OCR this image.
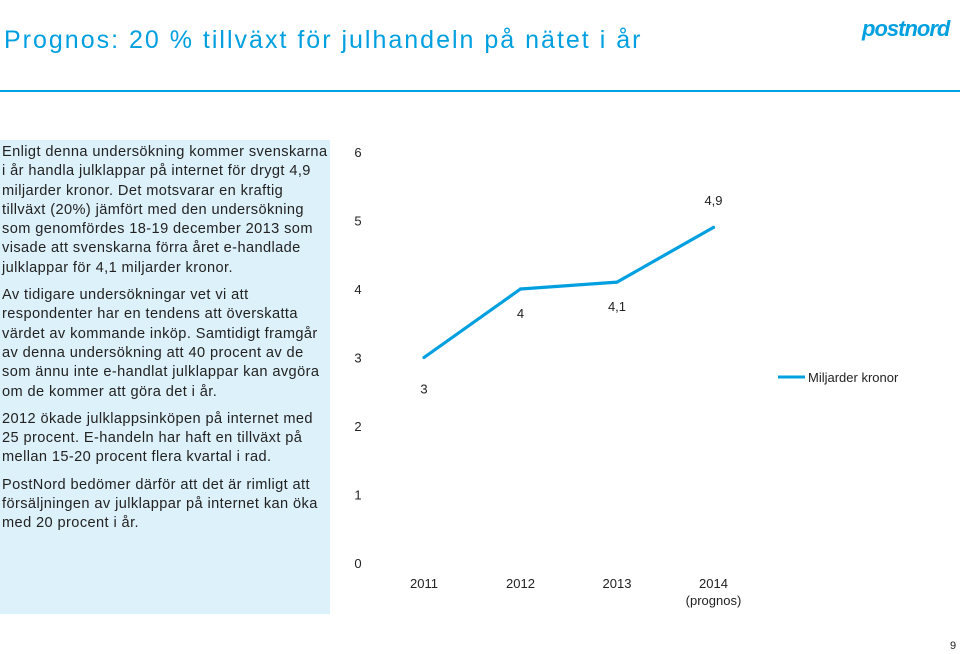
Prognos: 20 % tillväxt för julhandeln på nätet i år	postnord

Enligt denna undersökning kommer svenskarna i år handla julklappar på internet för drygt 4,9 miljarder kronor. Det motsvarar en kraftig tillväxt (20%) jämfört med den undersökning som genomfördes 18-19 december 2013 som visade att svenskarna förra året e-handlade julklappar för 4,1 miljarder kronor.

Av tidigare undersökningar vet vi att respondenter har en tendens att överskatta värdet av kommande inköp. Samtidigt framgår av denna undersökning att 40 procent av de som ännu inte e-handlat julklappar kan avgöra om de kommer att göra det i år.

2012 ökade julklappsinköpen på internet med 25 procent. E-handeln har haft en tillväxt på mellan 15-20 procent flera kvartal i rad.

PostNord bedömer därför att det är rimligt att försäljningen av julklappar på internet kan öka med 20 procent i år.

0
1
2
3
4
5
6
2011	2012	2013	2014 (prognos)
3
4	4,1
4,9
Miljarder kronor
9
